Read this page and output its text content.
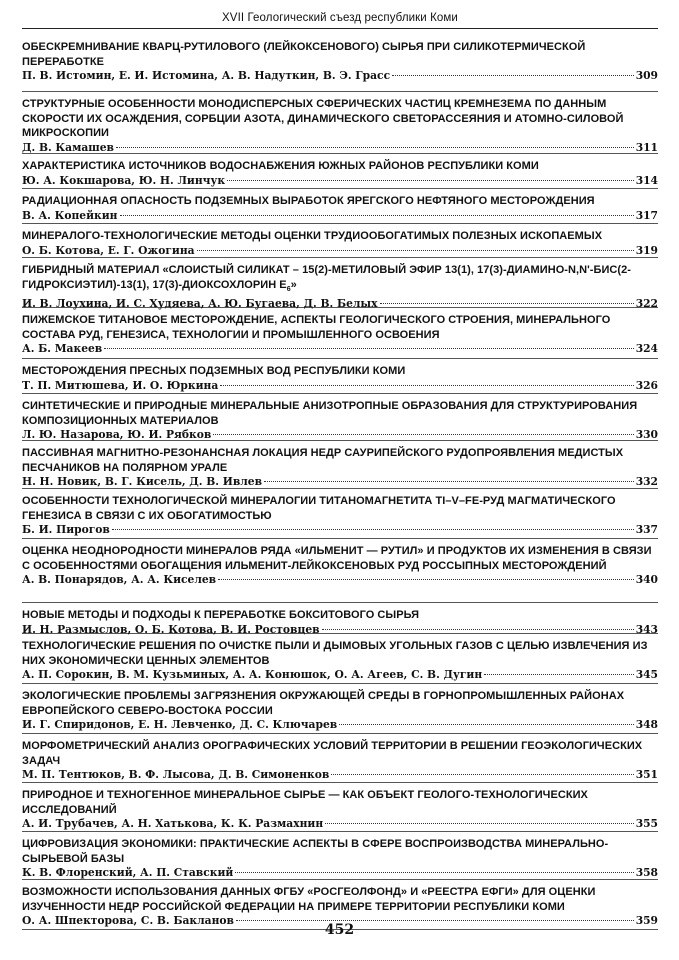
XVII Геологический съезд республики Коми
ОБЕСКРЕМНИВАНИЕ КВАРЦ-РУТИЛОВОГО (ЛЕЙКОКСЕНОВОГО) СЫРЬЯ ПРИ СИЛИКОТЕРМИЧЕСКОЙ ПЕРЕРАБОТКЕ
П. В. Истомин, Е. И. Истомина, А. В. Надуткин, В. Э. Грасс	309
СТРУКТУРНЫЕ ОСОБЕННОСТИ МОНОДИСПЕРСНЫХ СФЕРИЧЕСКИХ ЧАСТИЦ КРЕМНЕЗЕМА ПО ДАННЫМ СКОРОСТИ ИХ ОСАЖДЕНИЯ, СОРБЦИИ АЗОТА, ДИНАМИЧЕСКОГО СВЕТОРАССЕЯНИЯ И АТОМНО-СИЛОВОЙ МИКРОСКОПИИ
Д. В. Камашев	311
ХАРАКТЕРИСТИКА ИСТОЧНИКОВ ВОДОСНАБЖЕНИЯ ЮЖНЫХ РАЙОНОВ РЕСПУБЛИКИ КОМИ
Ю. А. Кокшарова, Ю. Н. Линчук	314
РАДИАЦИОННАЯ ОПАСНОСТЬ ПОДЗЕМНЫХ ВЫРАБОТОК ЯРЕГСКОГО НЕФТЯНОГО МЕСТОРОЖДЕНИЯ
В. А. Копейкин	317
МИНЕРАЛОГО-ТЕХНОЛОГИЧЕСКИЕ МЕТОДЫ ОЦЕНКИ ТРУДИООБОГАТИМЫХ ПОЛЕЗНЫХ ИСКОПАЕМЫХ
О. Б. Котова, Е. Г. Ожогина	319
ГИБРИДНЫЙ МАТЕРИАЛ «СЛОИСТЫЙ СИЛИКАТ – 15(2)-МЕТИЛОВЫЙ ЭФИР 13(1), 17(3)-ДИАМИНО-N,N'-БИС(2-ГИДРОКСИЭТИЛ)-13(1), 17(3)-ДИОКСОХЛОРИН $E_6$»
И. В. Лоухина, И. С. Худяева, А. Ю. Бугаева, Д. В. Белых	322
ПИЖЕМСКОЕ ТИТАНОВОЕ МЕСТОРОЖДЕНИЕ, АСПЕКТЫ ГЕОЛОГИЧЕСКОГО СТРОЕНИЯ, МИНЕРАЛЬНОГО СОСТАВА РУД, ГЕНЕЗИСА, ТЕХНОЛОГИИ И ПРОМЫШЛЕННОГО ОСВОЕНИЯ
А. Б. Макеев	324
МЕСТОРОЖДЕНИЯ ПРЕСНЫХ ПОДЗЕМНЫХ ВОД РЕСПУБЛИКИ КОМИ
Т. П. Митюшева, И. О. Юркина	326
СИНТЕТИЧЕСКИЕ И ПРИРОДНЫЕ МИНЕРАЛЬНЫЕ АНИЗОТРОПНЫЕ ОБРАЗОВАНИЯ ДЛЯ СТРУКТУРИРОВАНИЯ КОМПОЗИЦИОННЫХ МАТЕРИАЛОВ
Л. Ю. Назарова, Ю. И. Рябков	330
ПАССИВНАЯ МАГНИТНО-РЕЗОНАНСНАЯ ЛОКАЦИЯ НЕДР САУРИПЕЙСКОГО РУДОПРОЯВЛЕНИЯ МЕДИСТЫХ ПЕСЧАНИКОВ НА ПОЛЯРНОМ УРАЛЕ
Н. Н. Новик, В. Г. Кисель, Д. В. Ивлев	332
ОСОБЕННОСТИ ТЕХНОЛОГИЧЕСКОЙ МИНЕРАЛОГИИ ТИТАНОМАГНЕТИТА TI–V–FE-РУД МАГМАТИЧЕСКОГО ГЕНЕЗИСА В СВЯЗИ С ИХ ОБОГАТИМОСТЬЮ
Б. И. Пирогов	337
ОЦЕНКА НЕОДНОРОДНОСТИ МИНЕРАЛОВ РЯДА «ИЛЬМЕНИТ — РУТИЛ» И ПРОДУКТОВ ИХ ИЗМЕНЕНИЯ В СВЯЗИ С ОСОБЕННОСТЯМИ ОБОГАЩЕНИЯ ИЛЬМЕНИТ-ЛЕЙКОКСЕНОВЫХ РУД РОССЫПНЫХ МЕСТОРОЖДЕНИЙ
А. В. Понарядов, А. А. Киселев	340
НОВЫЕ МЕТОДЫ И ПОДХОДЫ К ПЕРЕРАБОТКЕ БОКСИТОВОГО СЫРЬЯ
И. Н. Размыслов, О. Б. Котова, В. И. Ростовцев	343
ТЕХНОЛОГИЧЕСКИЕ РЕШЕНИЯ ПО ОЧИСТКЕ ПЫЛИ И ДЫМОВЫХ УГОЛЬНЫХ ГАЗОВ С ЦЕЛЬЮ ИЗВЛЕЧЕНИЯ ИЗ НИХ ЭКОНОМИЧЕСКИ ЦЕННЫХ ЭЛЕМЕНТОВ
А. П. Сорокин, В. М. Кузьминых, А. А. Конюшок, О. А. Агеев, С. В. Дугин	345
ЭКОЛОГИЧЕСКИЕ ПРОБЛЕМЫ ЗАГРЯЗНЕНИЯ ОКРУЖАЮЩЕЙ СРЕДЫ В ГОРНОПРОМЫШЛЕННЫХ РАЙОНАХ ЕВРОПЕЙСКОГО СЕВЕРО-ВОСТОКА РОССИИ
И. Г. Спиридонов, Е. Н. Левченко, Д. С. Ключарев	348
МОРФОМЕТРИЧЕСКИЙ АНАЛИЗ ОРОГРАФИЧЕСКИХ УСЛОВИЙ ТЕРРИТОРИИ В РЕШЕНИИ ГЕОЭКОЛОГИЧЕСКИХ ЗАДАЧ
М. П. Тентюков, В. Ф. Лысова, Д. В. Симоненков	351
ПРИРОДНОЕ И ТЕХНОГЕННОЕ МИНЕРАЛЬНОЕ СЫРЬЕ — КАК ОБЪЕКТ ГЕОЛОГО-ТЕХНОЛОГИЧЕСКИХ ИССЛЕДОВАНИЙ
А. И. Трубачев, А. Н. Хатькова, К. К. Размахнин	355
ЦИФРОВИЗАЦИЯ ЭКОНОМИКИ: ПРАКТИЧЕСКИЕ АСПЕКТЫ В СФЕРЕ ВОСПРОИЗВОДСТВА МИНЕРАЛЬНО-СЫРЬЕВОЙ БАЗЫ
К. В. Флоренский, А. П. Ставский	358
ВОЗМОЖНОСТИ ИСПОЛЬЗОВАНИЯ ДАННЫХ ФГБУ «РОСГЕОЛФОНД» И «РЕЕСТРА ЕФГИ» ДЛЯ ОЦЕНКИ ИЗУЧЕННОСТИ НЕДР РОССИЙСКОЙ ФЕДЕРАЦИИ НА ПРИМЕРЕ ТЕРРИТОРИИ РЕСПУБЛИКИ КОМИ
О. А. Шпекторова, С. В. Бакланов	359
452
